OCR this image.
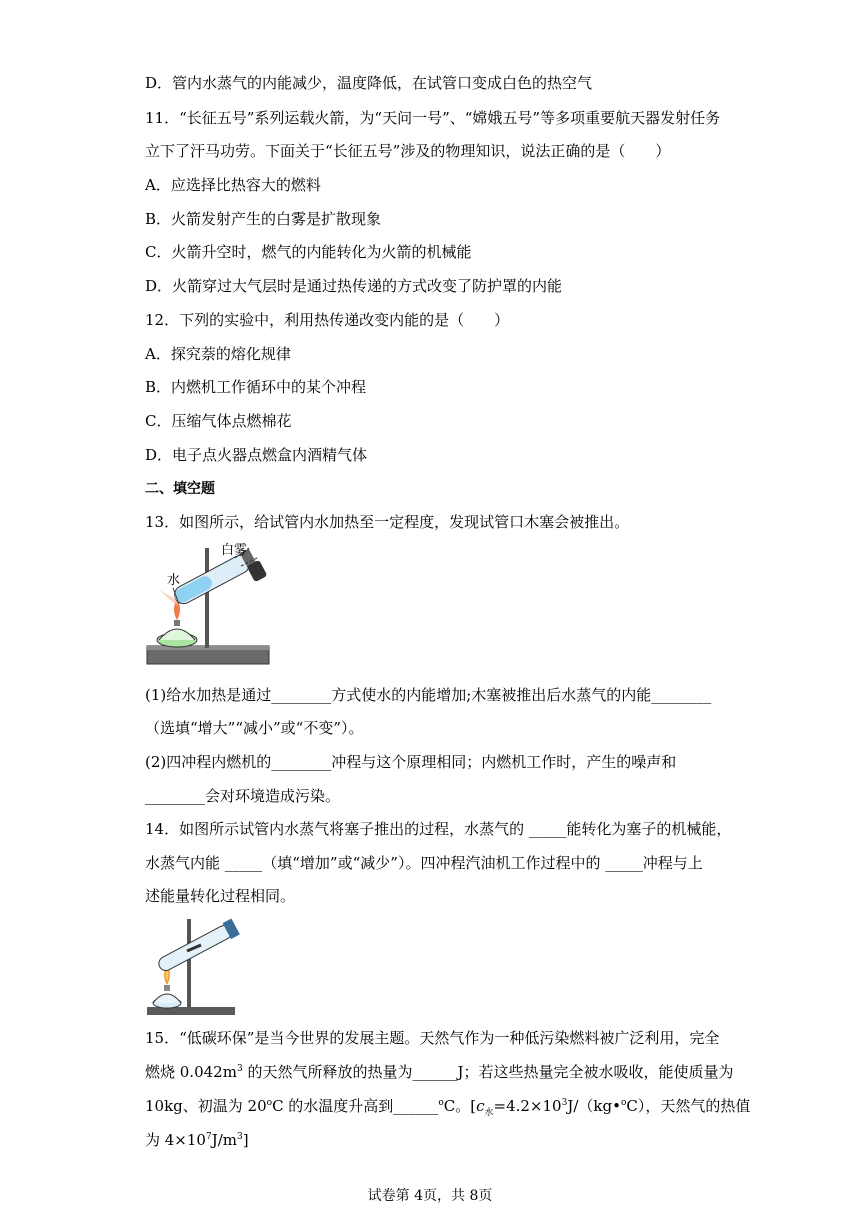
D．管内水蒸气的内能减少，温度降低，在试管口变成白色的热空气
11．“长征五号”系列运载火箭，为“天问一号”、“嫦娥五号”等多项重要航天器发射任务
立下了汗马功劳。下面关于“长征五号”涉及的物理知识，说法正确的是（　　）
A．应选择比热容大的燃料
B．火箭发射产生的白雾是扩散现象
C．火箭升空时，燃气的内能转化为火箭的机械能
D．火箭穿过大气层时是通过热传递的方式改变了防护罩的内能
12．下列的实验中，利用热传递改变内能的是（　　）
A．探究萘的熔化规律
B．内燃机工作循环中的某个冲程
C．压缩气体点燃棉花
D．电子点火器点燃盒内酒精气体
二、填空题
13．如图所示，给试管内水加热至一定程度，发现试管口木塞会被推出。
白雾
水
(1)给水加热是通过________方式使水的内能增加;木塞被推出后水蒸气的内能________
（选填“增大”“减小”或“不变”）。
(2)四冲程内燃机的________冲程与这个原理相同；内燃机工作时，产生的噪声和
________会对环境造成污染。
14．如图所示试管内水蒸气将塞子推出的过程，水蒸气的 _____能转化为塞子的机械能，
水蒸气内能 _____（填“增加”或“减少”）。四冲程汽油机工作过程中的 _____冲程与上
述能量转化过程相同。
15．“低碳环保”是当今世界的发展主题。天然气作为一种低污染燃料被广泛利用，完全
燃烧 $0.042m^3$ 的天然气所释放的热量为______J；若这些热量完全被水吸收，能使质量为
10kg、初温为 20$^o$C 的水温度升高到______$^o$C。[$c_水=4.2\times 10^3J/(kg•^oC)$，天然气的热值
为 $4\times 10^7J/m^3$]
试卷第 4页，共 8页
